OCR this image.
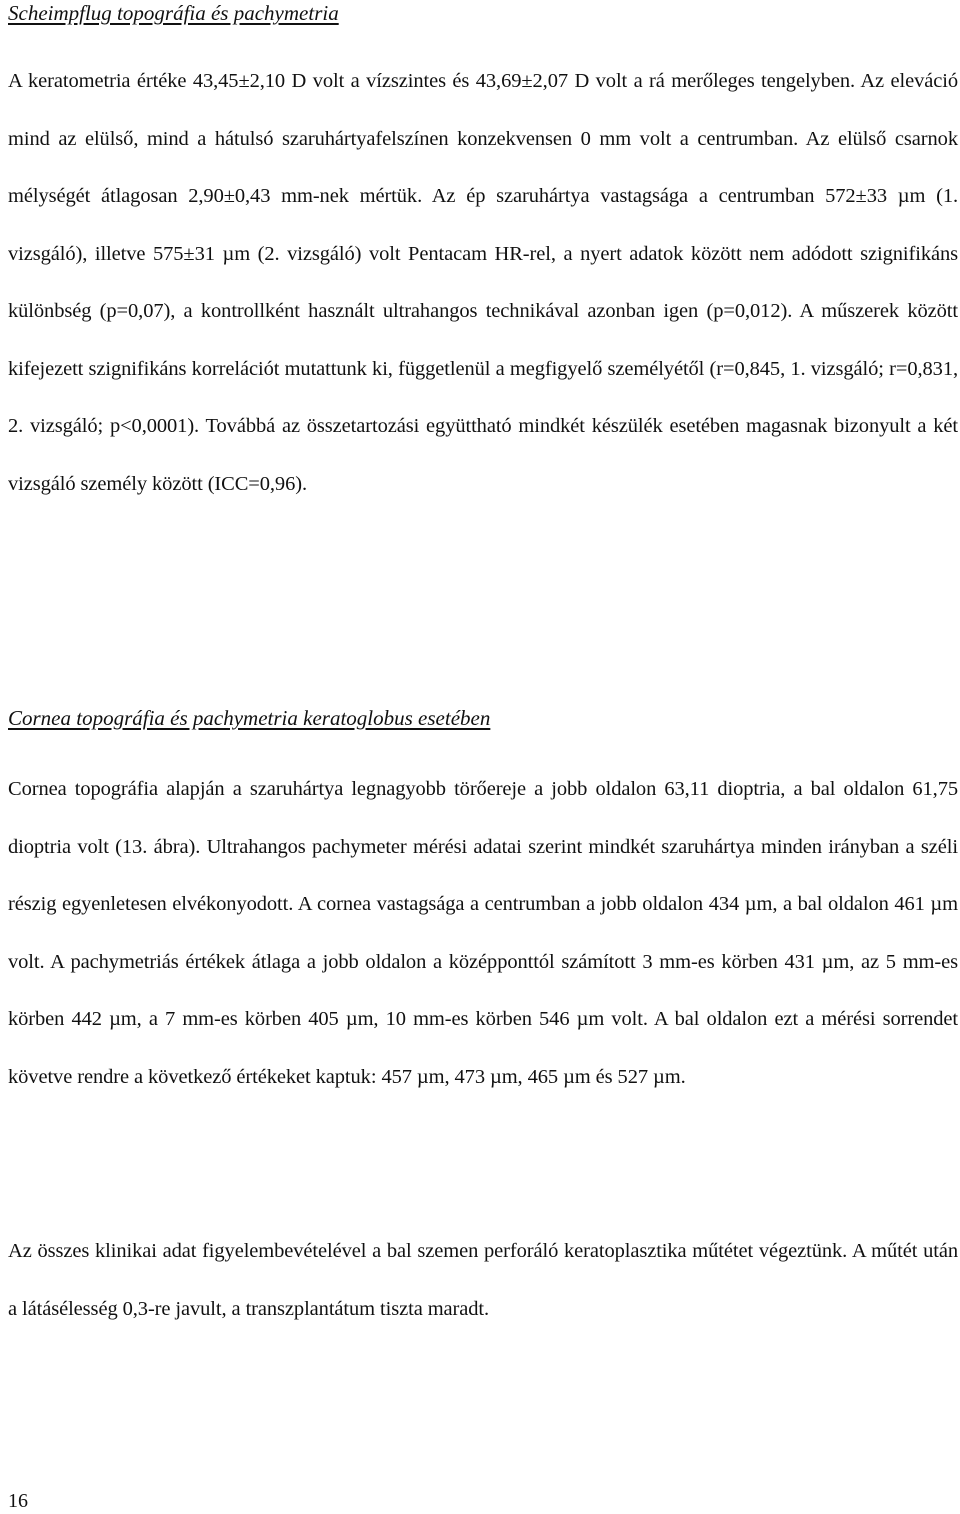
Scheimpflug topográfia és pachymetria

A keratometria értéke 43,45±2,10 D volt a vízszintes és 43,69±2,07 D volt a rá merőleges tengelyben. Az eleváció mind az elülső, mind a hátulsó szaruhártyafelszínen konzekvensen 0 mm volt a centrumban. Az elülső csarnok mélységét átlagosan 2,90±0,43 mm-nek mértük. Az ép szaruhártya vastagsága a centrumban 572±33 µm (1. vizsgáló), illetve 575±31 µm (2. vizsgáló) volt Pentacam HR-rel, a nyert adatok között nem adódott szignifikáns különbség (p=0,07), a kontrollként használt ultrahangos technikával azonban igen (p=0,012). A műszerek között kifejezett szignifikáns korrelációt mutattunk ki, függetlenül a megfigyelő személyétől (r=0,845, 1. vizsgáló; r=0,831, 2. vizsgáló; p<0,0001). Továbbá az összetartozási együttható mindkét készülék esetében magasnak bizonyult a két vizsgáló személy között (ICC=0,96).

Cornea topográfia és pachymetria keratoglobus esetében

Cornea topográfia alapján a szaruhártya legnagyobb törőereje a jobb oldalon 63,11 dioptria, a bal oldalon 61,75 dioptria volt (13. ábra). Ultrahangos pachymeter mérési adatai szerint mindkét szaruhártya minden irányban a széli részig egyenletesen elvékonyodott. A cornea vastagsága a centrumban a jobb oldalon 434 µm, a bal oldalon 461 µm volt. A pachymetriás értékek átlaga a jobb oldalon a középponttól számított 3 mm-es körben 431 µm, az 5 mm-es körben 442 µm, a 7 mm-es körben 405 µm, 10 mm-es körben 546 µm volt. A bal oldalon ezt a mérési sorrendet követve rendre a következő értékeket kaptuk: 457 µm, 473 µm, 465 µm és 527 µm.

Az összes klinikai adat figyelembevételével a bal szemen perforáló keratoplasztika műtétet végeztünk. A műtét után a látásélesség 0,3-re javult, a transzplantátum tiszta maradt.

16
